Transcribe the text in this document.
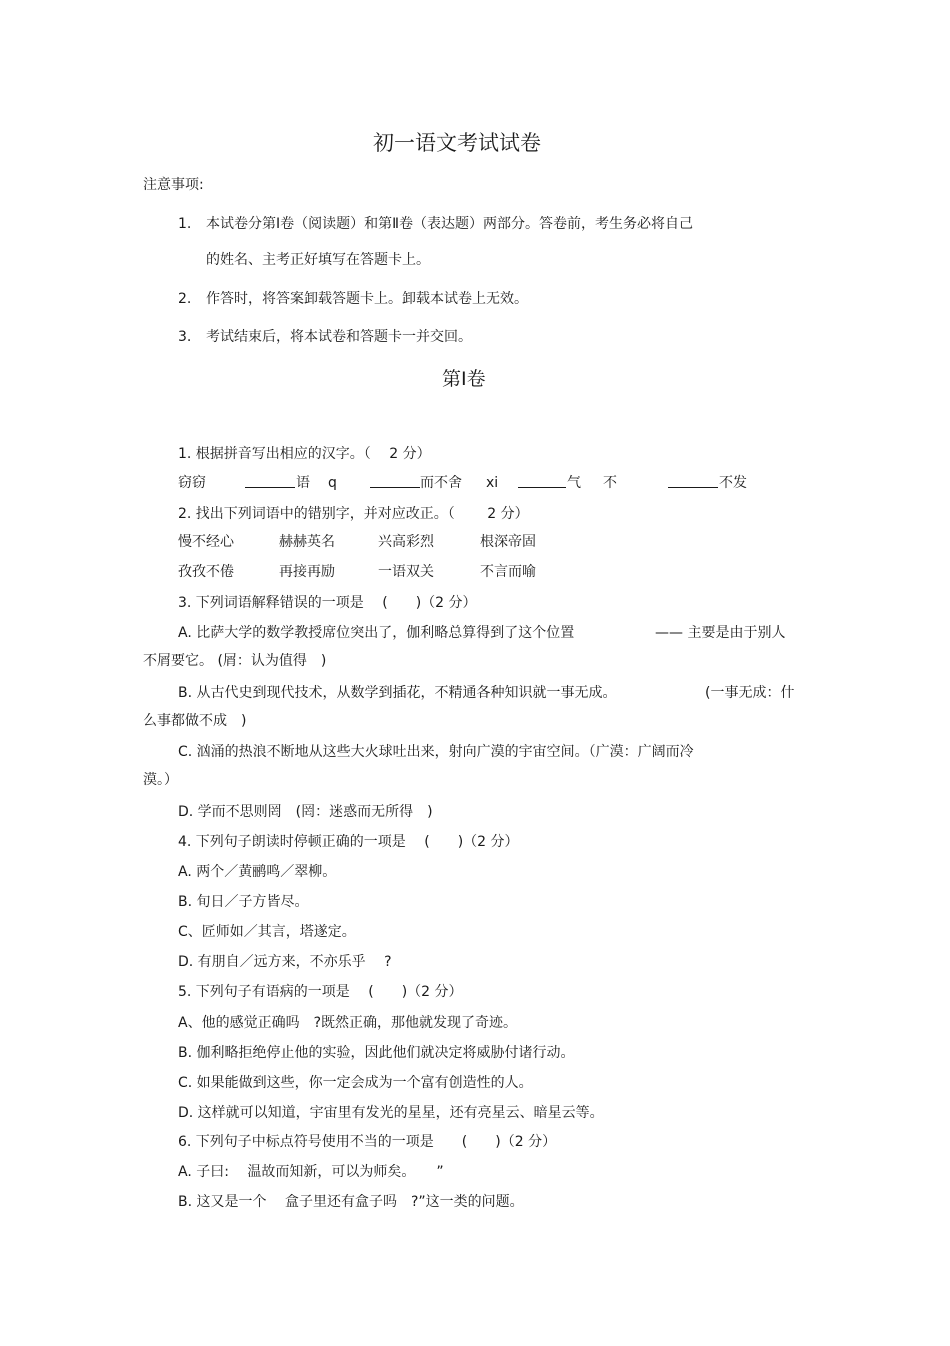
初一语文考试试卷
注意事项:
1. 本试卷分第Ⅰ卷（阅读题）和第Ⅱ卷（表达题）两部分。答卷前，考生务必将自己
的姓名、主考正好填写在答题卡上。
2. 作答时，将答案卸载答题卡上。卸载本试卷上无效。
3. 考试结束后，将本试卷和答题卡一并交回。
第Ⅰ卷
1. 根据拼音写出相应的汉字。（　 2 分）
窃窃	语 q	而不舍 xi	气 不	不发
2. 找出下列词语中的错别字，并对应改正。（　　 2 分）
慢不经心	赫赫英名	兴高彩烈	根深帝固
孜孜不倦	再接再励	一语双关	不言而喻
3. 下列词语解释错误的一项是　 (　　)（2 分）
A. 比萨大学的数学教授席位突出了，伽利略总算得到了这个位置	—— 主要是由于别人
不屑要它。 (屑：认为值得　)
B. 从古代史到现代技术，从数学到插花，不精通各种知识就一事无成。	(一事无成：什
么事都做不成　)
C. 汹涌的热浪不断地从这些大火球吐出来，射向广漠的宇宙空间。（广漠：广阔而冷
漠。）
D. 学而不思则罔　(罔：迷惑而无所得　)
4. 下列句子朗读时停顿正确的一项是　 (　　)（2 分）
A. 两个／黄鹂鸣／翠柳。
B. 旬日／子方皆尽。
C、匠师如／其言，塔遂定。
D. 有朋自／远方来，不亦乐乎　 ?
5. 下列句子有语病的一项是　 (　　)（2 分）
A、他的感觉正确吗　?既然正确，那他就发现了奇迹。
B. 伽利略拒绝停止他的实验，因此他们就决定将威胁付诸行动。
C. 如果能做到这些，你一定会成为一个富有创造性的人。
D. 这样就可以知道，宇宙里有发光的星星，还有亮星云、暗星云等。
6. 下列句子中标点符号使用不当的一项是　　(　　)（2 分）
A. 子曰:　 温故而知新，可以为师矣。　　”
B. 这又是一个　 盒子里还有盒子吗　?”这一类的问题。
